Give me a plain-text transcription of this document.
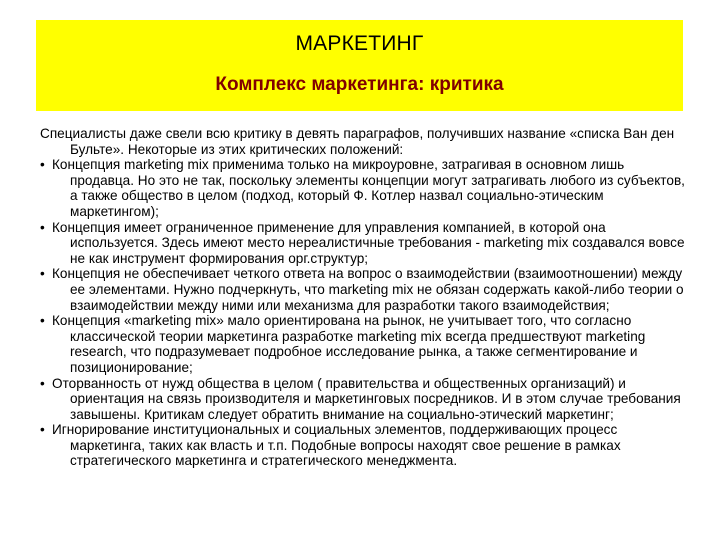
МАРКЕТИНГ
Комплекс маркетинга: критика

Специалисты даже свели всю критику в девять параграфов, получивших название «списка Ван ден Бульте». Некоторые из этих критических положений:

• Концепция marketing mix применима только на микроуровне, затрагивая в основном лишь продавца. Но это не так, поскольку элементы концепции могут затрагивать любого из субъектов, а также общество в целом (подход, который Ф. Котлер назвал социально-этическим маркетингом);

• Концепция имеет ограниченное применение для управления компанией, в которой она используется. Здесь имеют место нереалистичные требования - marketing mix создавался вовсе не как инструмент формирования орг.структур;

• Концепция не обеспечивает четкого ответа на вопрос о взаимодействии (взаимоотношении) между ее элементами. Нужно подчеркнуть, что marketing mix не обязан содержать какой-либо теории о взаимодействии между ними или механизма для разработки такого взаимодействия;

• Концепция «marketing mix» мало ориентирована на рынок, не учитывает того, что согласно классической теории маркетинга разработке marketing mix всегда предшествуют marketing research, что подразумевает подробное исследование рынка, а также сегментирование и позиционирование;

• Оторванность от нужд общества в целом ( правительства и общественных организаций) и ориентация на связь производителя и маркетинговых посредников. И в этом случае требования завышены. Критикам следует обратить внимание на социально-этический маркетинг;

• Игнорирование институциональных и социальных элементов, поддерживающих процесс маркетинга, таких как власть и т.п. Подобные вопросы находят свое решение в рамках стратегического маркетинга и стратегического менеджмента.
